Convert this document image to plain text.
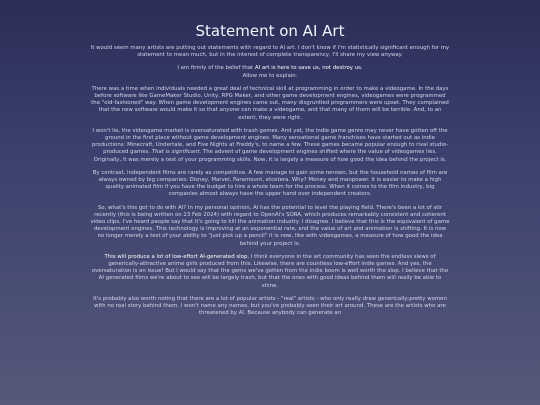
Statement on AI Art

It would seem many artists are putting out statements with regard to AI art. I don't know if I'm statistically significant enough for my statement to mean much, but in the interest of complete transparency, I'll share my view anyway.

I am firmly of the belief that AI art is here to save us, not destroy us.
Allow me to explain.

There was a time when individuals needed a great deal of technical skill at programming in order to make a videogame. In the days before software like GameMaker Studio, Unity, RPG Maker, and other game development engines, videogames were programmed the "old-fashioned" way. When game development engines came out, many disgruntled programmers were upset. They complained that the new software would make it so that anyone can make a videogame, and that many of them will be terrible. And, to an extent, they were right.

I won't lie, the videogame market is oversaturated with trash games. And yet, the indie game genre may never have gotten off the ground in the first place without game development engines. Many sensational game franchises have started out as indie productions: Minecraft, Undertale, and Five Nights at Freddy's, to name a few. These games became popular enough to rival studio-produced games. That is significant. The advent of game development engines shifted where the value of videogames lies. Originally, it was merely a test of your programming skills. Now, it is largely a measure of how good the idea behind the project is.

By contrast, independent films are rarely as competitive. A few manage to gain some renown, but the household names of film are always owned by big companies: Disney, Marvel, Paramount, etcetera. Why? Money and manpower. It is easier to make a high quality animated film if you have the budget to hire a whole team for the process. When it comes to the film industry, big companies almost always have the upper hand over independent creators.

So, what's this got to do with AI? In my personal opinion, AI has the potential to level the playing field. There's been a lot of stir recently (this is being written on 23 Feb 2024) with regard to OpenAI's SORA, which produces remarkably consistent and coherent video clips. I've heard people say that it's going to kill the animation industry. I disagree. I believe that this is the equivalent of game development engines. This technology is improving at an exponential rate, and the value of art and animation is shifting. It is now no longer merely a test of your ability to "just pick up a pencil" it is now, like with videogames, a measure of how good the idea behind your project is.

This will produce a lot of low-effort AI-generated slop. I think everyone in the art community has seen the endless slews of generically-attractive anime girls produced from this. Likewise, there are countless low-effort indie games. And yes, the oversaturation is an issue! But I would say that the gems we've gotten from the indie boom is well worth the slop. I believe that the AI generated films we're about to see will be largely trash, but that the ones with good ideas behind them will really be able to shine.

It's probably also worth noting that there are a lot of popular artists - "real" artists - who only really draw generically-pretty women with no real story behind them. I won't name any names, but you've probably seen their art around. These are the artists who are threatened by AI. Because anybody can generate an
